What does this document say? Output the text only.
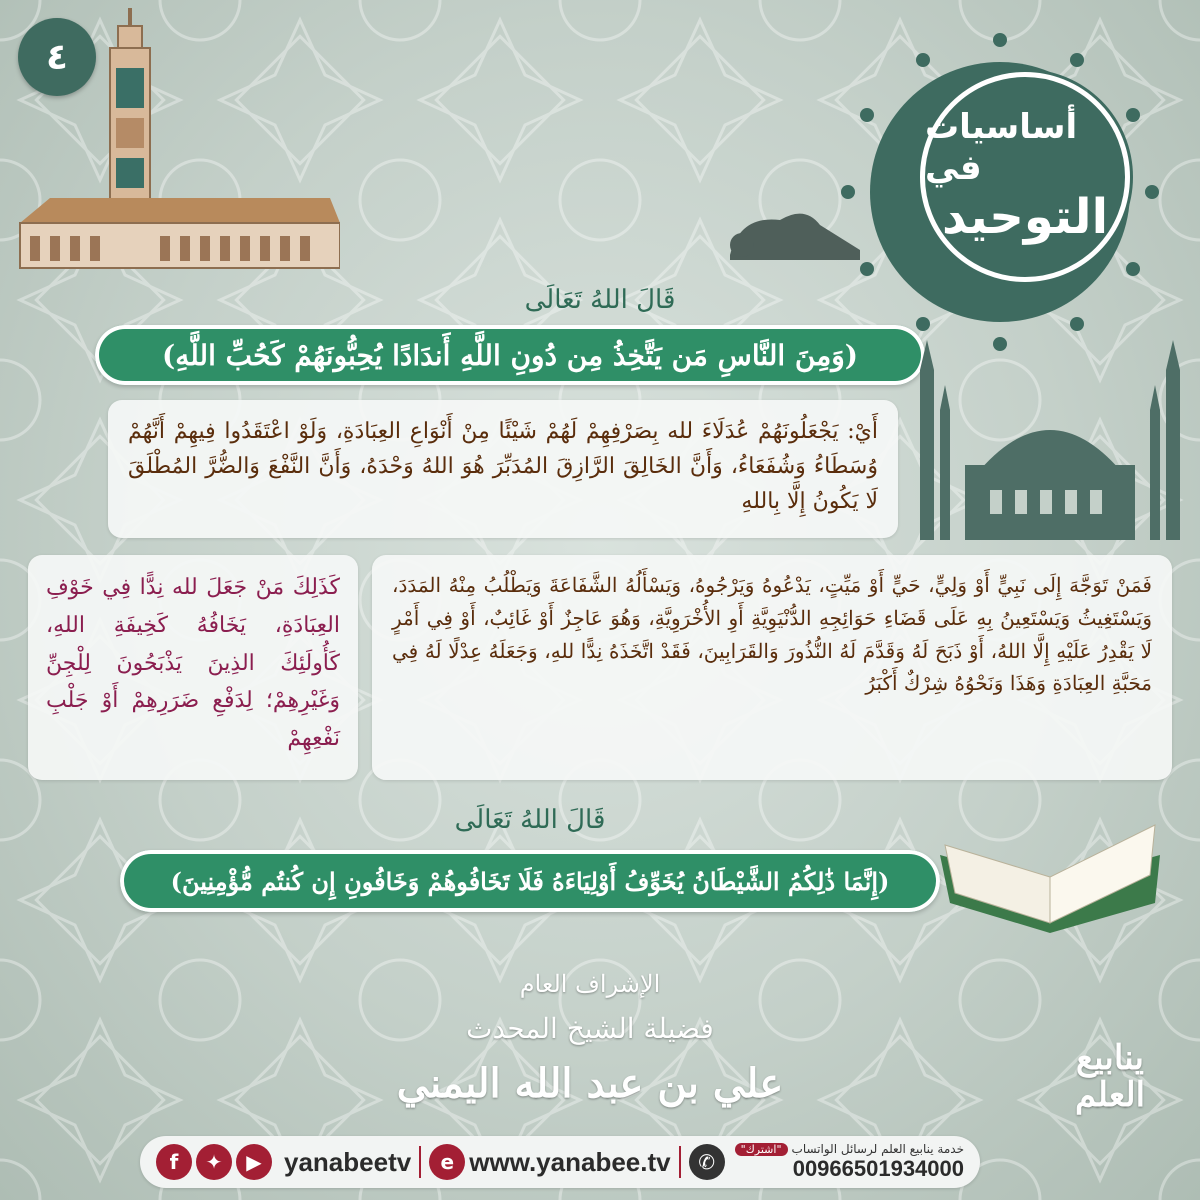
٤
أساسيات في
التوحيد
قَالَ اللهُ تَعَالَى
(وَمِنَ النَّاسِ مَن يَتَّخِذُ مِن دُونِ اللَّهِ أَندَادًا يُحِبُّونَهُمْ كَحُبِّ اللَّهِ)
أَيْ: يَجْعَلُونَهُمْ عُدَلَاءَ لله بِصَرْفِهِمْ لَهُمْ شَيْئًا مِنْ أَنْوَاعِ العِبَادَةِ، وَلَوْ اعْتَقَدُوا فِيهِمْ أَنَّهُمْ وُسَطَاءُ وَشُفَعَاءُ، وَأَنَّ الخَالِقَ الرَّازِقَ المُدَبِّرَ هُوَ اللهُ وَحْدَهُ، وَأَنَّ النَّفْعَ وَالضُّرَّ المُطْلَقَ لَا يَكُونُ إِلَّا بِاللهِ
كَذَلِكَ مَنْ جَعَلَ لله نِدًّا فِي خَوْفِ العِبَادَةِ، يَخَافُهُ كَخِيفَةِ اللهِ، كَأُولَئِكَ الذِينَ يَذْبَحُونَ لِلْجِنِّ وَغَيْرِهِمْ؛ لِدَفْعِ ضَرَرِهِمْ أَوْ جَلْبِ نَفْعِهِمْ
فَمَنْ تَوَجَّهَ إِلَى نَبِيٍّ أَوْ وَلِيٍّ، حَيٍّ أَوْ مَيِّتٍ، يَدْعُوهُ وَيَرْجُوهُ، وَيَسْأَلُهُ الشَّفَاعَةَ وَيَطْلُبُ مِنْهُ المَدَدَ، وَيَسْتَغِيثُ وَيَسْتَعِينُ بِهِ عَلَى قَضَاءِ حَوَائِجِهِ الدُّنْيَوِيَّةِ أَوِ الأُخْرَوِيَّةِ، وَهُوَ عَاجِزٌ أَوْ غَائِبٌ، أَوْ فِي أَمْرٍ لَا يَقْدِرُ عَلَيْهِ إِلَّا اللهُ، أَوْ ذَبَحَ لَهُ وَقَدَّمَ لَهُ النُّذُورَ وَالقَرَابِينَ، فَقَدْ اتَّخَذَهُ نِدًّا للهِ، وَجَعَلَهُ عِدْلًا لَهُ فِي مَحَبَّةِ العِبَادَةِ وَهَذَا وَنَحْوُهُ شِرْكٌ أَكْبَرُ
قَالَ اللهُ تَعَالَى
(إِنَّمَا ذَٰلِكُمُ الشَّيْطَانُ يُخَوِّفُ أَوْلِيَاءَهُ فَلَا تَخَافُوهُمْ وَخَافُونِ إِن كُنتُم مُّؤْمِنِينَ)
الإشراف العام
فضيلة الشيخ المحدث
علي بن عبد الله اليمني
ينابيع العلم
f	✦	▶ yanabeetv	e www.yanabee.tv	✆
خدمة ينابيع العلم لرسائل الواتساب
"اشترك"
00966501934000
